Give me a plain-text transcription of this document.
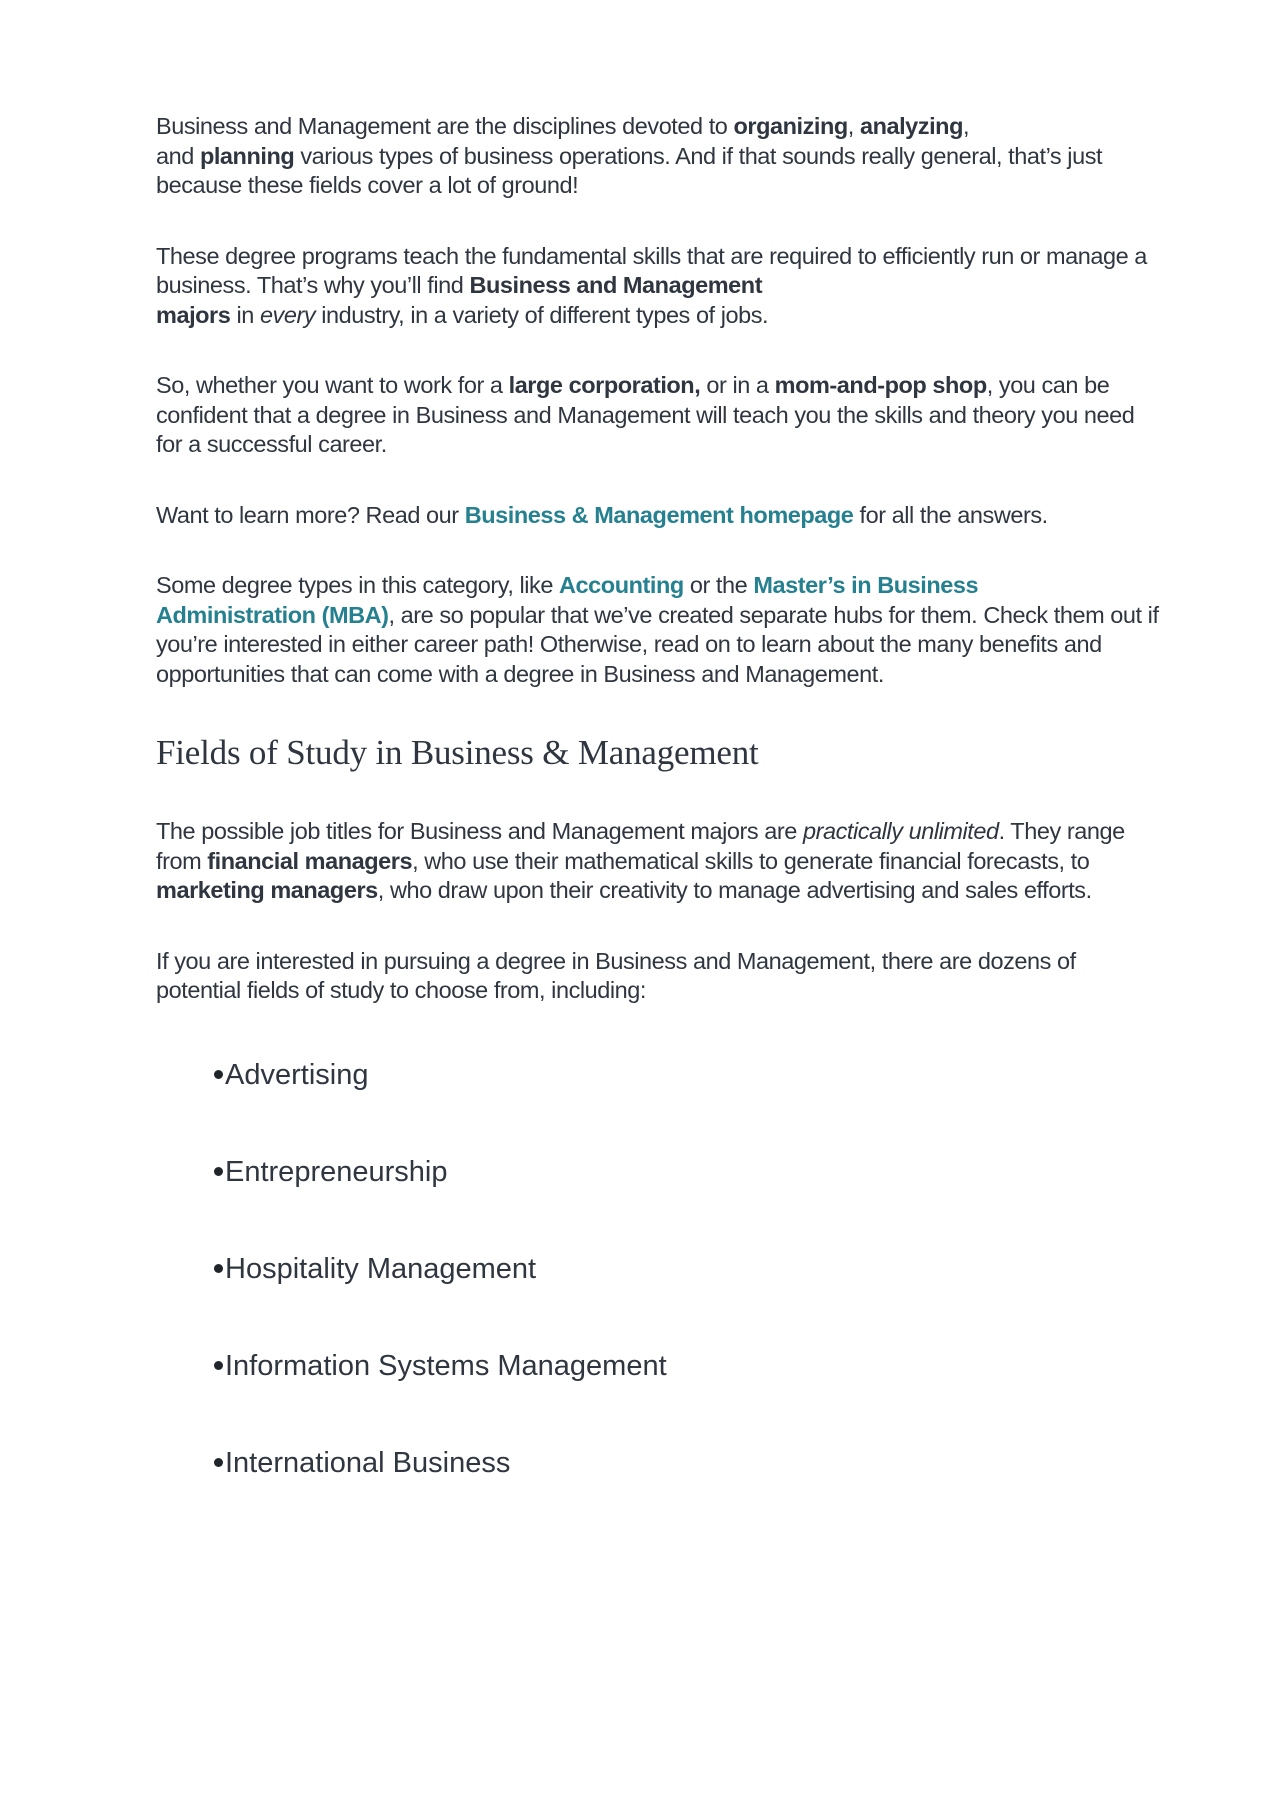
Business and Management are the disciplines devoted to organizing, analyzing,
and planning various types of business operations. And if that sounds really general, that’s just because these fields cover a lot of ground!

These degree programs teach the fundamental skills that are required to efficiently run or manage a business. That’s why you’ll find Business and Management
majors in every industry, in a variety of different types of jobs.

So, whether you want to work for a large corporation, or in a mom-and-pop shop, you can be confident that a degree in Business and Management will teach you the skills and theory you need for a successful career.

Want to learn more? Read our Business & Management homepage for all the answers.

Some degree types in this category, like Accounting or the Master’s in Business
Administration (MBA), are so popular that we’ve created separate hubs for them. Check them out if you’re interested in either career path! Otherwise, read on to learn about the many benefits and opportunities that can come with a degree in Business and Management.

Fields of Study in Business & Management

The possible job titles for Business and Management majors are practically unlimited. They range from financial managers, who use their mathematical skills to generate financial forecasts, to marketing managers, who draw upon their creativity to manage advertising and sales efforts.

If you are interested in pursuing a degree in Business and Management, there are dozens of potential fields of study to choose from, including:

Advertising
Entrepreneurship
Hospitality Management
Information Systems Management
International Business
